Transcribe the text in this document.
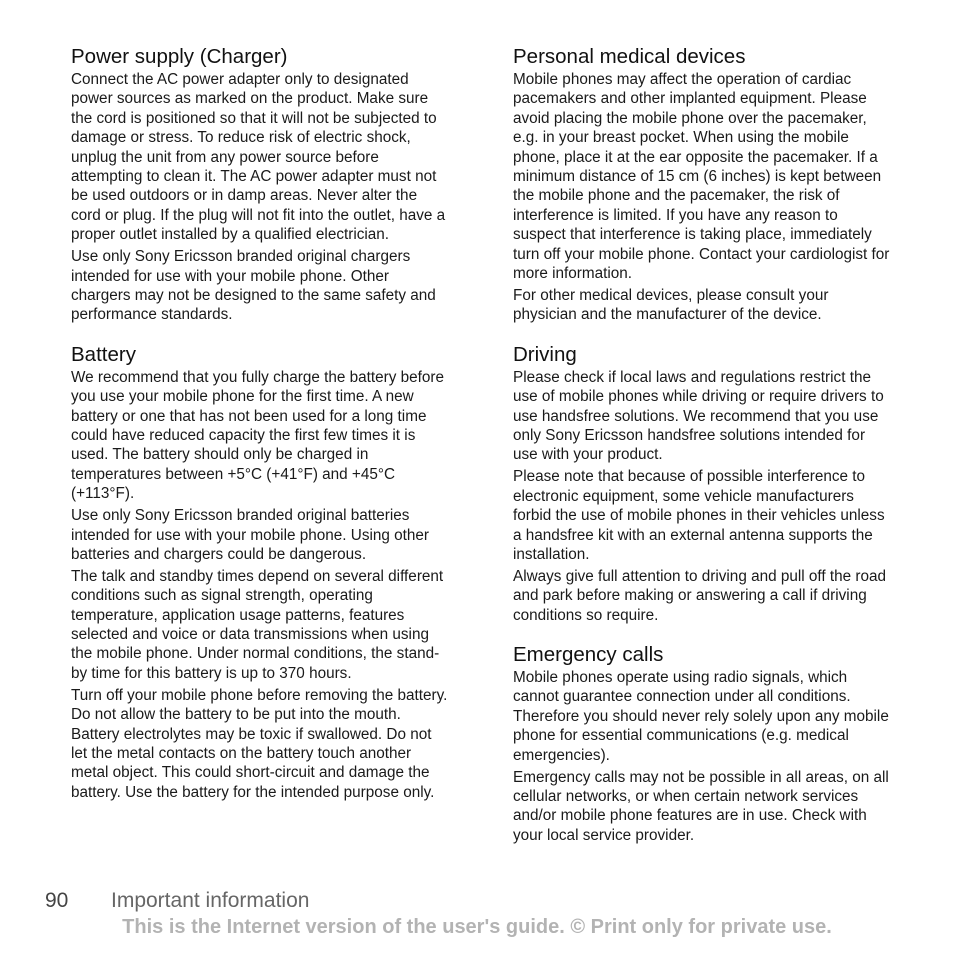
Power supply (Charger)

Connect the AC power adapter only to designated power sources as marked on the product. Make sure the cord is positioned so that it will not be subjected to damage or stress. To reduce risk of electric shock, unplug the unit from any power source before attempting to clean it. The AC power adapter must not be used outdoors or in damp areas. Never alter the cord or plug. If the plug will not fit into the outlet, have a proper outlet installed by a qualified electrician.

Use only Sony Ericsson branded original chargers intended for use with your mobile phone. Other chargers may not be designed to the same safety and performance standards.

Battery

We recommend that you fully charge the battery before you use your mobile phone for the first time. A new battery or one that has not been used for a long time could have reduced capacity the first few times it is used. The battery should only be charged in temperatures between +5°C (+41°F) and +45°C (+113°F).

Use only Sony Ericsson branded original batteries intended for use with your mobile phone. Using other batteries and chargers could be dangerous.

The talk and standby times depend on several different conditions such as signal strength, operating temperature, application usage patterns, features selected and voice or data transmissions when using the mobile phone. Under normal conditions, the stand-by time for this battery is up to 370 hours.

Turn off your mobile phone before removing the battery. Do not allow the battery to be put into the mouth. Battery electrolytes may be toxic if swallowed. Do not let the metal contacts on the battery touch another metal object. This could short-circuit and damage the battery. Use the battery for the intended purpose only.

Personal medical devices

Mobile phones may affect the operation of cardiac pacemakers and other implanted equipment. Please avoid placing the mobile phone over the pacemaker, e.g. in your breast pocket. When using the mobile phone, place it at the ear opposite the pacemaker. If a minimum distance of 15 cm (6 inches) is kept between the mobile phone and the pacemaker, the risk of interference is limited. If you have any reason to suspect that interference is taking place, immediately turn off your mobile phone. Contact your cardiologist for more information.

For other medical devices, please consult your physician and the manufacturer of the device.

Driving

Please check if local laws and regulations restrict the use of mobile phones while driving or require drivers to use handsfree solutions. We recommend that you use only Sony Ericsson handsfree solutions intended for use with your product.

Please note that because of possible interference to electronic equipment, some vehicle manufacturers forbid the use of mobile phones in their vehicles unless a handsfree kit with an external antenna supports the installation.

Always give full attention to driving and pull off the road and park before making or answering a call if driving conditions so require.

Emergency calls

Mobile phones operate using radio signals, which cannot guarantee connection under all conditions. Therefore you should never rely solely upon any mobile phone for essential communications (e.g. medical emergencies).

Emergency calls may not be possible in all areas, on all cellular networks, or when certain network services and/or mobile phone features are in use. Check with your local service provider.

90 Important information
This is the Internet version of the user's guide. © Print only for private use.
